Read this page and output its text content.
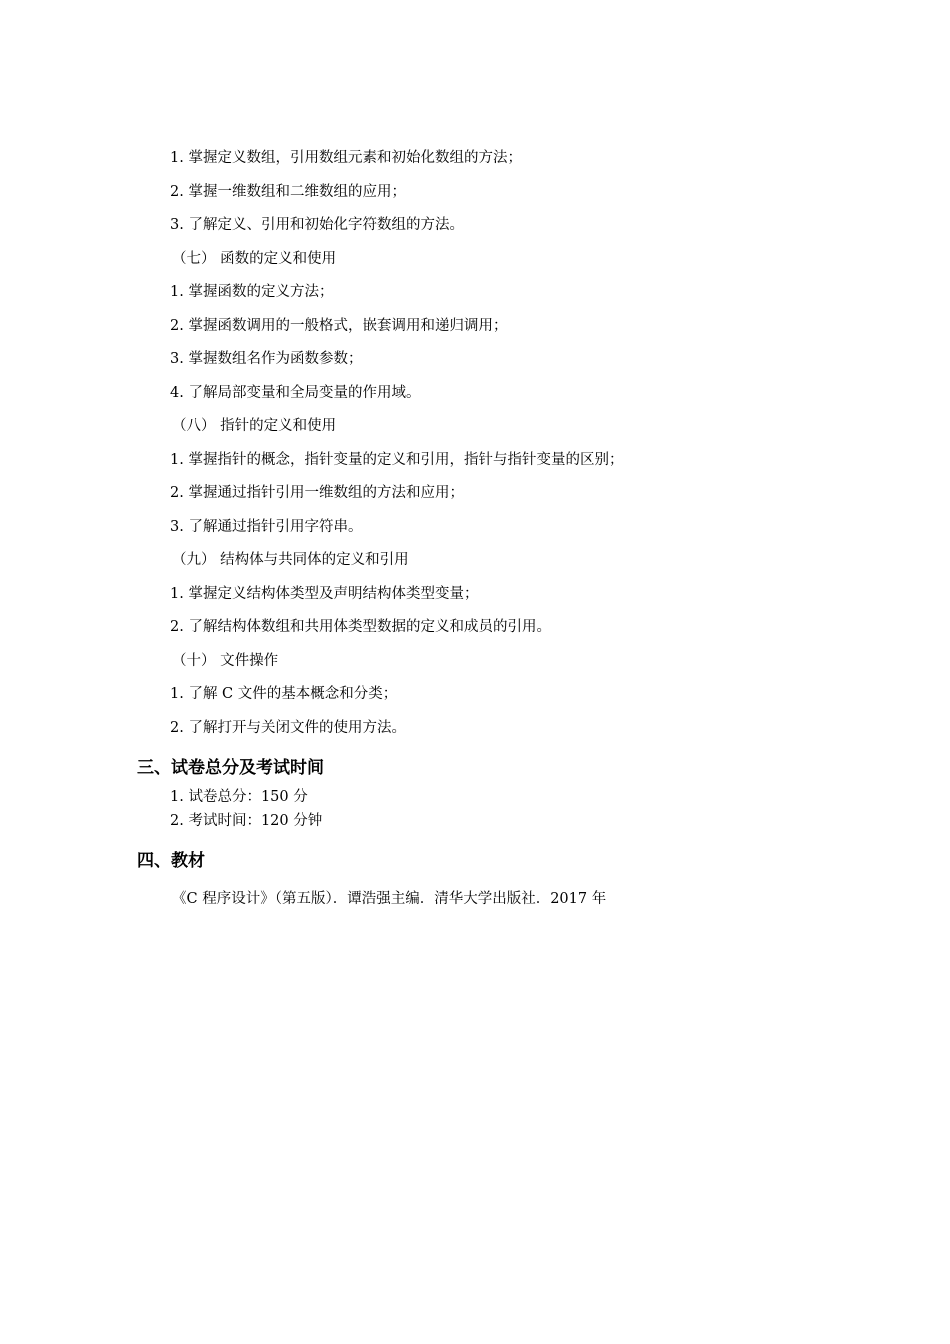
1. 掌握定义数组，引用数组元素和初始化数组的方法；
2. 掌握一维数组和二维数组的应用；
3. 了解定义、引用和初始化字符数组的方法。
（七） 函数的定义和使用
1. 掌握函数的定义方法；
2. 掌握函数调用的一般格式，嵌套调用和递归调用；
3. 掌握数组名作为函数参数；
4. 了解局部变量和全局变量的作用域。
（八） 指针的定义和使用
1. 掌握指针的概念，指针变量的定义和引用，指针与指针变量的区别；
2. 掌握通过指针引用一维数组的方法和应用；
3. 了解通过指针引用字符串。
（九） 结构体与共同体的定义和引用
1. 掌握定义结构体类型及声明结构体类型变量；
2. 了解结构体数组和共用体类型数据的定义和成员的引用。
（十） 文件操作
1. 了解 C 文件的基本概念和分类；
2. 了解打开与关闭文件的使用方法。
三、试卷总分及考试时间
1. 试卷总分：150 分
2. 考试时间：120 分钟
四、教材
《C 程序设计》（第五版）．谭浩强主编．清华大学出版社．2017 年
